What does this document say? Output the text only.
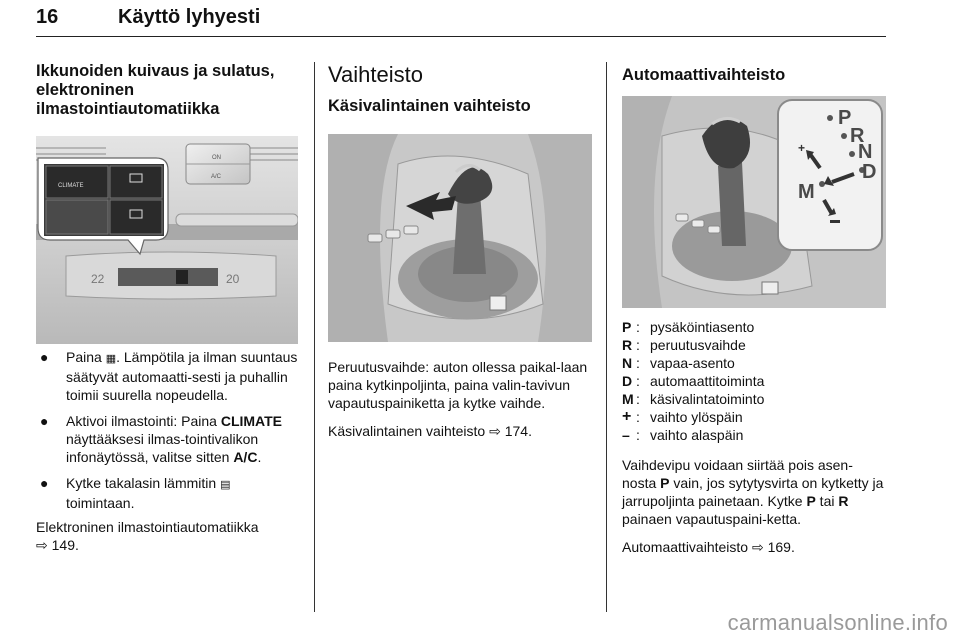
16	Käyttö lyhyesti
Ikkunoiden kuivaus ja sulatus,
elektroninen
ilmastointiautomatiikka
22	20
ON
A/C
CLIMATE
● Paina ▦. Lämpötila ja ilman suuntaus säätyvät automaatti-sesti ja puhallin toimii suurella nopeudella.
● Aktivoi ilmastointi: Paina CLIMATE näyttääksesi ilmas-tointivalikon infonäytössä, valitse sitten A/C.
● Kytke takalasin lämmitin ▤ toimintaan.

Elektroninen ilmastointiautomatiikka
⇨ 149.

Vaihteisto
Käsivalintainen vaihteisto

Peruutusvaihde: auton ollessa paikal-laan paina kytkinpoljinta, paina valin-tavivun vapautuspainiketta ja kytke vaihde.

Käsivalintainen vaihteisto ⇨ 174.

Automaattivaihteisto
P
R
N
D
M
+
P : pysäköintiasento
R : peruutusvaihde
N : vapaa-asento
D : automaattitoiminta
M : käsivalintatoiminto
+ : vaihto ylöspäin
– : vaihto alaspäin

Vaihdevipu voidaan siirtää pois asen-nosta P vain, jos sytytysvirta on kytketty ja jarrupoljinta painetaan. Kytke P tai R painaen vapautuspaini-ketta.

Automaattivaihteisto ⇨ 169.

carmanualsonline.info
